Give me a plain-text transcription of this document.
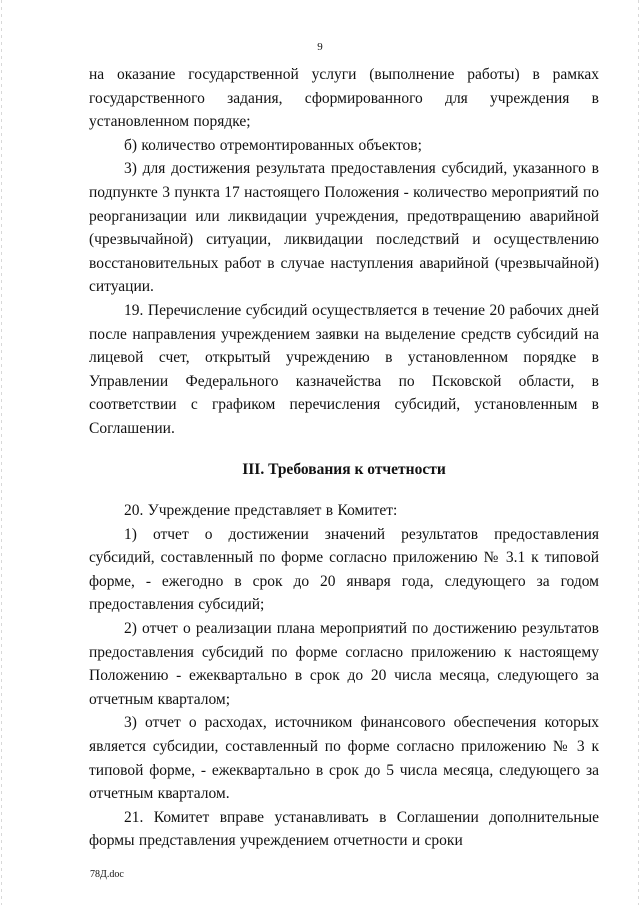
9

на оказание государственной услуги (выполнение работы) в рамках государственного задания, сформированного для учреждения в установленном порядке;

б) количество отремонтированных объектов;

3) для достижения результата предоставления субсидий, указанного в подпункте 3 пункта 17 настоящего Положения - количество мероприятий по реорганизации или ликвидации учреждения, предотвращению аварийной (чрезвычайной) ситуации, ликвидации последствий и осуществлению восстановительных работ в случае наступления аварийной (чрезвычайной) ситуации.

19. Перечисление субсидий осуществляется в течение 20 рабочих дней после направления учреждением заявки на выделение средств субсидий на лицевой счет, открытый учреждению в установленном порядке в Управлении Федерального казначейства по Псковской области, в соответствии с графиком перечисления субсидий, установленным в Соглашении.

III. Требования к отчетности

20. Учреждение представляет в Комитет:

1) отчет о достижении значений результатов предоставления субсидий, составленный по форме согласно приложению № 3.1 к типовой форме, - ежегодно в срок до 20 января года, следующего за годом предоставления субсидий;

2) отчет о реализации плана мероприятий по достижению результатов предоставления субсидий по форме согласно приложению к настоящему Положению - ежеквартально в срок до 20 числа месяца, следующего за отчетным кварталом;

3) отчет о расходах, источником финансового обеспечения которых является субсидии, составленный по форме согласно приложению № 3 к типовой форме, - ежеквартально в срок до 5 числа месяца, следующего за отчетным кварталом.

21. Комитет вправе устанавливать в Соглашении дополнительные формы представления учреждением отчетности и сроки

78Д.doc
